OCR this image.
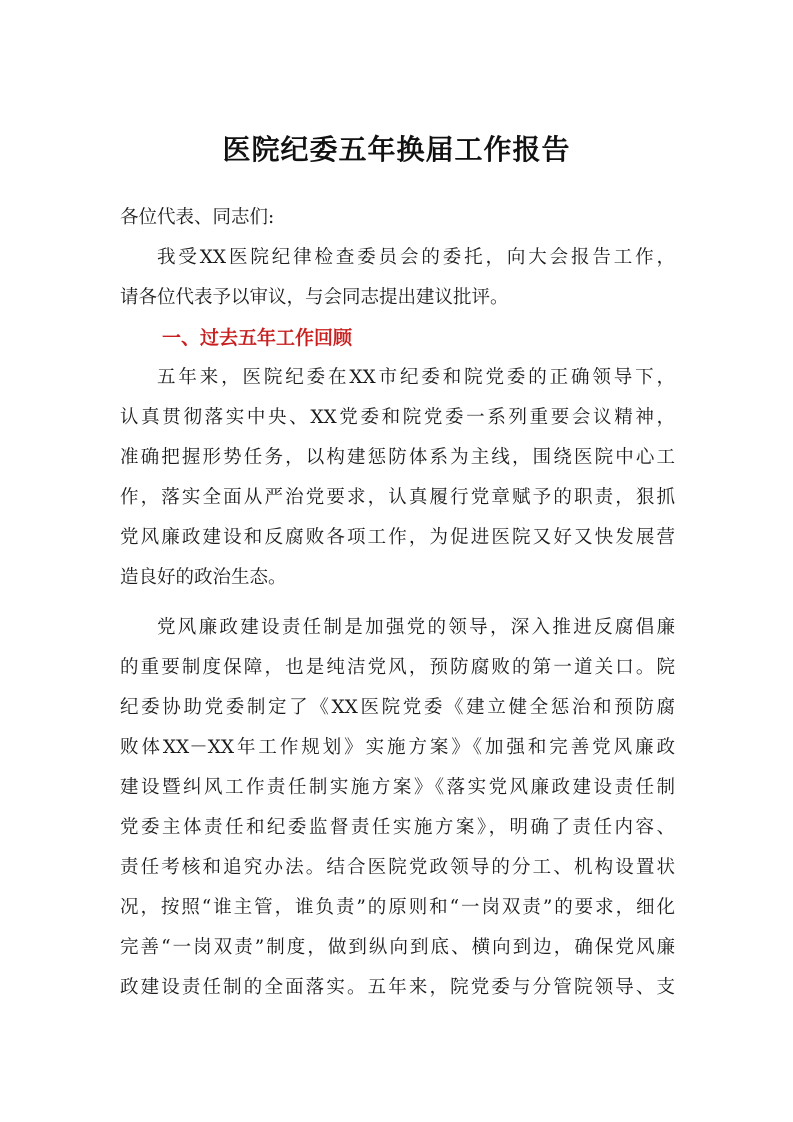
医院纪委五年换届工作报告
各位代表、同志们:
我受XX医院纪律检查委员会的委托，向大会报告工作，
请各位代表予以审议，与会同志提出建议批评。
一、过去五年工作回顾
五年来，医院纪委在XX市纪委和院党委的正确领导下，
认真贯彻落实中央、XX党委和院党委一系列重要会议精神，
准确把握形势任务，以构建惩防体系为主线，围绕医院中心工
作，落实全面从严治党要求，认真履行党章赋予的职责，狠抓
党风廉政建设和反腐败各项工作，为促进医院又好又快发展营
造良好的政治生态。
党风廉政建设责任制是加强党的领导，深入推进反腐倡廉
的重要制度保障，也是纯洁党风，预防腐败的第一道关口。院
纪委协助党委制定了《XX医院党委《建立健全惩治和预防腐
败体XX－XX年工作规划》实施方案》《加强和完善党风廉政
建设暨纠风工作责任制实施方案》《落实党风廉政建设责任制
党委主体责任和纪委监督责任实施方案》，明确了责任内容、
责任考核和追究办法。结合医院党政领导的分工、机构设置状
况，按照“谁主管，谁负责”的原则和“一岗双责”的要求，细化
完善“一岗双责”制度，做到纵向到底、横向到边，确保党风廉
政建设责任制的全面落实。五年来，院党委与分管院领导、支
